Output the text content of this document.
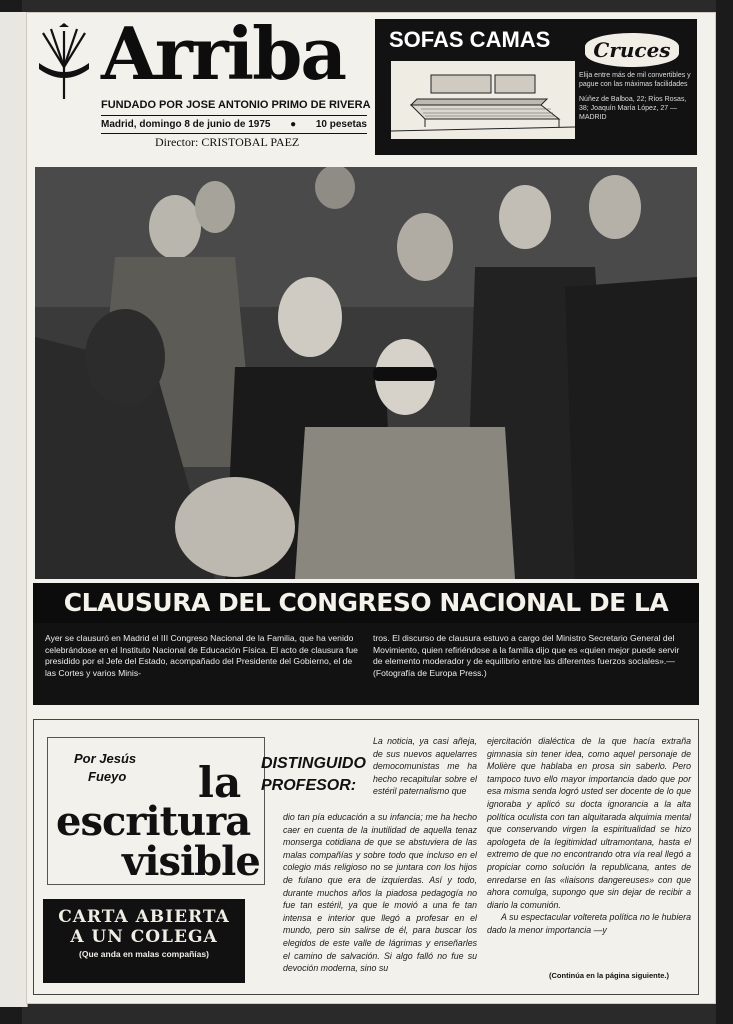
Arriba
FUNDADO POR JOSE ANTONIO PRIMO DE RIVERA
Madrid, domingo 8 de junio de 1975 ● 10 pesetas
Director: CRISTOBAL PAEZ
SOFAS CAMAS	Cruces

Elija entre más de mil convertibles y pague con las máximas facilidades

Núñez de Balboa, 22; Ríos Rosas, 38; Joaquín María López, 27 — MADRID

CLAUSURA DEL CONGRESO NACIONAL DE LA
Ayer se clausuró en Madrid el III Congreso Nacional de la Familia, que ha venido celebrándose en el Instituto Nacional de Educación Física. El acto de clausura fue presidido por el Jefe del Estado, acompañado del Presidente del Gobierno, el de las Cortes y varios Minis-
tros. El discurso de clausura estuvo a cargo del Ministro Secretario General del Movimiento, quien refiriéndose a la familia dijo que es «quien mejor puede servir de elemento moderador y de equilibrio entre las diferentes fuerzos sociales».—(Fotografía de Europa Press.)
Por Jesús
Fueyo la
escritura
visible
CARTA ABIERTA
A UN COLEGA
(Que anda en malas compañías)
DISTINGUIDO
PROFESOR:
La noticia, ya casi añeja, de sus nuevos aquelarres democomunistas me ha hecho recapitular sobre el estéril paternalismo que
dio tan pía educación a su infancia; me ha hecho caer en cuenta de la inutilidad de aquella tenaz monserga cotidiana de que se abstuviera de las malas compañías y sobre todo que incluso en el colegio más religioso no se juntara con los hijos de fulano que era de izquierdas. Así y todo, durante muchos años la piadosa pedagogía no fue tan estéril, ya que le movió a una fe tan intensa e interior que llegó a profesar en el mundo, pero sin salirse de él, para buscar los elegidos de este valle de lágrimas y enseñarles el camino de salvación. Si algo falló no fue su devoción moderna, sino su
ejercitación dialéctica de la que hacía extraña gimnasia sin tener idea, como aquel personaje de Molière que hablaba en prosa sin saberlo. Pero tampoco tuvo ello mayor importancia dado que por esa misma senda logró usted ser docente de lo que ignoraba y aplicó su docta ignorancia a la alta política oculista con tan alquitarada alquimia mental que conservando virgen la espiritualidad se hizo apologeta de la legitimidad ultramontana, hasta el extremo de que no encontrando otra vía real llegó a propiciar como solución la republicana, antes de enredarse en las «liaisons dangereuses» con que ahora comulga, supongo que sin dejar de recibir a diario la comunión.

A su espectacular voltereta política no le hubiera dado la menor importancia —y
(Continúa en la página siguiente.)
